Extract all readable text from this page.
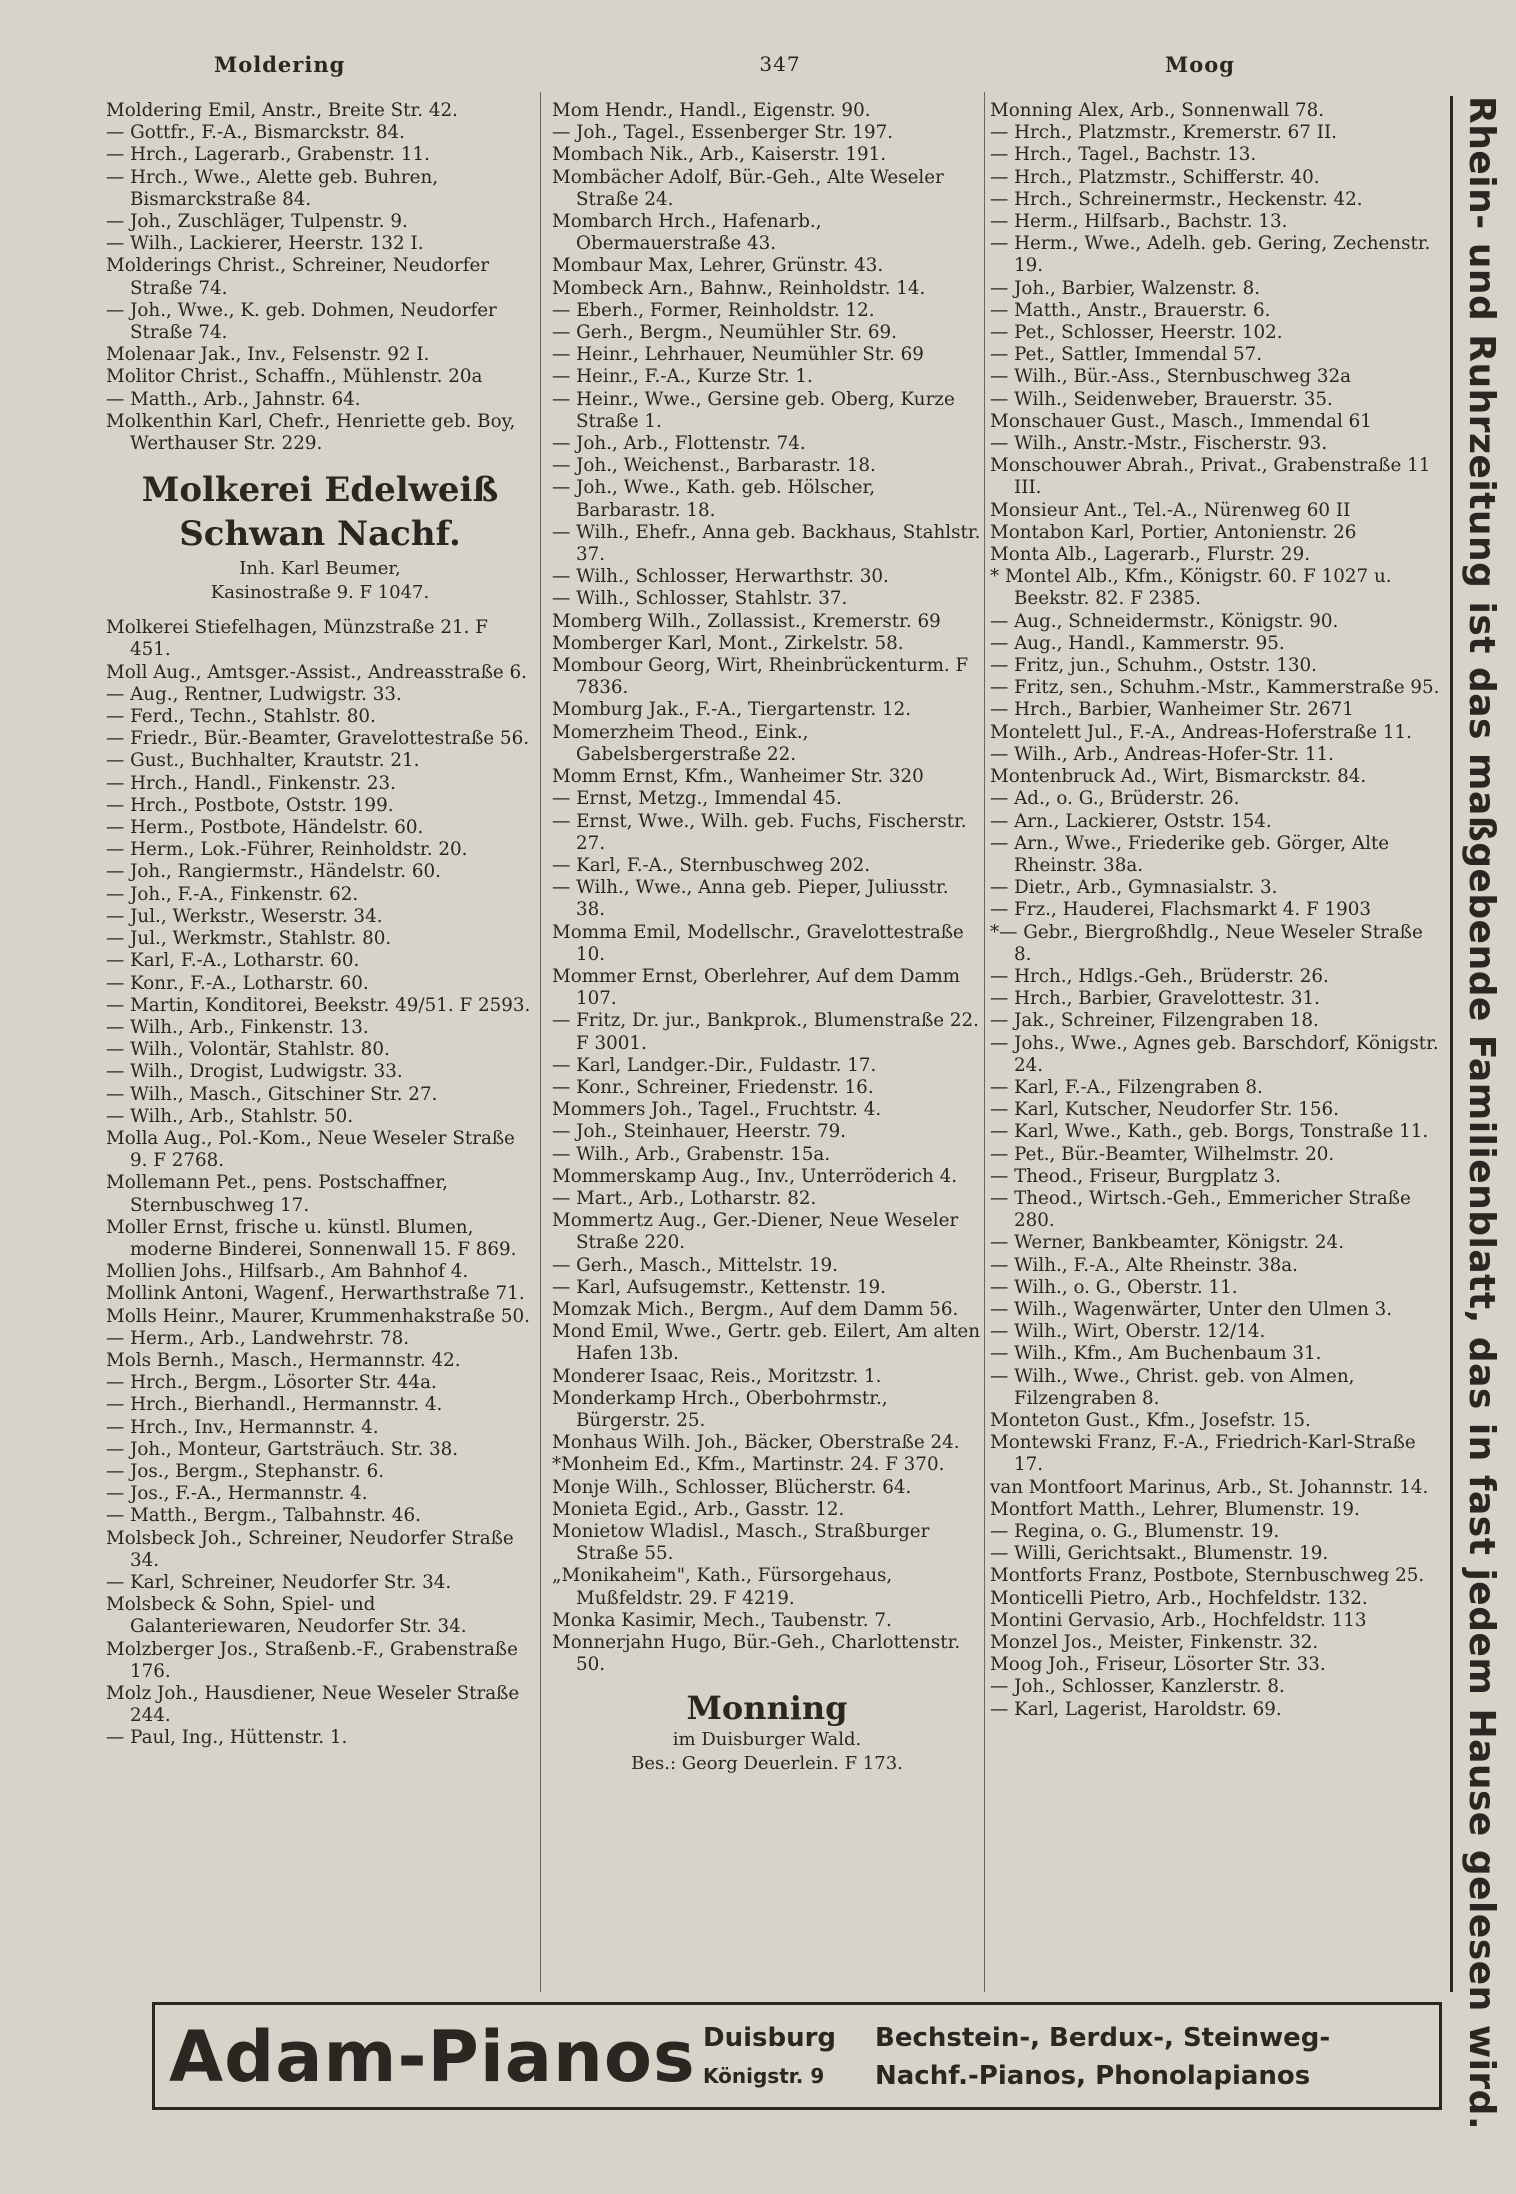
Moldering	347	Moog
Moldering Emil, Anstr., Breite Str. 42.
— Gottfr., F.-A., Bismarckstr. 84.
— Hrch., Lagerarb., Grabenstr. 11.
— Hrch., Wwe., Alette geb. Buhren, Bismarckstraße 84.
— Joh., Zuschläger, Tulpenstr. 9.
— Wilh., Lackierer, Heerstr. 132 I.
Molderings Christ., Schreiner, Neudorfer Straße 74.
— Joh., Wwe., K. geb. Dohmen, Neudorfer Straße 74.
Molenaar Jak., Inv., Felsenstr. 92 I.
Molitor Christ., Schaffn., Mühlenstr. 20a
— Matth., Arb., Jahnstr. 64.
Molkenthin Karl, Chefr., Henriette geb. Boy, Werthauser Str. 229.
Molkerei Edelweiß
Schwan Nachf.
Inh. Karl Beumer,
Kasinostraße 9. F 1047.
Molkerei Stiefelhagen, Münzstraße 21. F 451.
Moll Aug., Amtsger.-Assist., Andreasstraße 6.
— Aug., Rentner, Ludwigstr. 33.
— Ferd., Techn., Stahlstr. 80.
— Friedr., Bür.-Beamter, Gravelottestraße 56.
— Gust., Buchhalter, Krautstr. 21.
— Hrch., Handl., Finkenstr. 23.
— Hrch., Postbote, Oststr. 199.
— Herm., Postbote, Händelstr. 60.
— Herm., Lok.-Führer, Reinholdstr. 20.
— Joh., Rangiermstr., Händelstr. 60.
— Joh., F.-A., Finkenstr. 62.
— Jul., Werkstr., Weserstr. 34.
— Jul., Werkmstr., Stahlstr. 80.
— Karl, F.-A., Lotharstr. 60.
— Konr., F.-A., Lotharstr. 60.
— Martin, Konditorei, Beekstr. 49/51. F 2593.
— Wilh., Arb., Finkenstr. 13.
— Wilh., Volontär, Stahlstr. 80.
— Wilh., Drogist, Ludwigstr. 33.
— Wilh., Masch., Gitschiner Str. 27.
— Wilh., Arb., Stahlstr. 50.
Molla Aug., Pol.-Kom., Neue Weseler Straße 9. F 2768.
Mollemann Pet., pens. Postschaffner, Sternbuschweg 17.
Moller Ernst, frische u. künstl. Blumen, moderne Binderei, Sonnenwall 15. F 869.
Mollien Johs., Hilfsarb., Am Bahnhof 4.
Mollink Antoni, Wagenf., Herwarthstraße 71.
Molls Heinr., Maurer, Krummenhakstraße 50.
— Herm., Arb., Landwehrstr. 78.
Mols Bernh., Masch., Hermannstr. 42.
— Hrch., Bergm., Lösorter Str. 44a.
— Hrch., Bierhandl., Hermannstr. 4.
— Hrch., Inv., Hermannstr. 4.
— Joh., Monteur, Gartsträuch. Str. 38.
— Jos., Bergm., Stephanstr. 6.
— Jos., F.-A., Hermannstr. 4.
— Matth., Bergm., Talbahnstr. 46.
Molsbeck Joh., Schreiner, Neudorfer Straße 34.
— Karl, Schreiner, Neudorfer Str. 34.
Molsbeck & Sohn, Spiel- und Galanteriewaren, Neudorfer Str. 34.
Molzberger Jos., Straßenb.-F., Grabenstraße 176.
Molz Joh., Hausdiener, Neue Weseler Straße 244.
— Paul, Ing., Hüttenstr. 1.
Mom Hendr., Handl., Eigenstr. 90.
— Joh., Tagel., Essenberger Str. 197.
Mombach Nik., Arb., Kaiserstr. 191.
Mombächer Adolf, Bür.-Geh., Alte Weseler Straße 24.
Mombarch Hrch., Hafenarb., Obermauerstraße 43.
Mombaur Max, Lehrer, Grünstr. 43.
Mombeck Arn., Bahnw., Reinholdstr. 14.
— Eberh., Former, Reinholdstr. 12.
— Gerh., Bergm., Neumühler Str. 69.
— Heinr., Lehrhauer, Neumühler Str. 69
— Heinr., F.-A., Kurze Str. 1.
— Heinr., Wwe., Gersine geb. Oberg, Kurze Straße 1.
— Joh., Arb., Flottenstr. 74.
— Joh., Weichenst., Barbarastr. 18.
— Joh., Wwe., Kath. geb. Hölscher, Barbarastr. 18.
— Wilh., Ehefr., Anna geb. Backhaus, Stahlstr. 37.
— Wilh., Schlosser, Herwarthstr. 30.
— Wilh., Schlosser, Stahlstr. 37.
Momberg Wilh., Zollassist., Kremerstr. 69
Momberger Karl, Mont., Zirkelstr. 58.
Mombour Georg, Wirt, Rheinbrückenturm. F 7836.
Momburg Jak., F.-A., Tiergartenstr. 12.
Momerzheim Theod., Eink., Gabelsbergerstraße 22.
Momm Ernst, Kfm., Wanheimer Str. 320
— Ernst, Metzg., Immendal 45.
— Ernst, Wwe., Wilh. geb. Fuchs, Fischerstr. 27.
— Karl, F.-A., Sternbuschweg 202.
— Wilh., Wwe., Anna geb. Pieper, Juliusstr. 38.
Momma Emil, Modellschr., Gravelottestraße 10.
Mommer Ernst, Oberlehrer, Auf dem Damm 107.
— Fritz, Dr. jur., Bankprok., Blumenstraße 22. F 3001.
— Karl, Landger.-Dir., Fuldastr. 17.
— Konr., Schreiner, Friedenstr. 16.
Mommers Joh., Tagel., Fruchtstr. 4.
— Joh., Steinhauer, Heerstr. 79.
— Wilh., Arb., Grabenstr. 15a.
Mommerskamp Aug., Inv., Unterröderich 4.
— Mart., Arb., Lotharstr. 82.
Mommertz Aug., Ger.-Diener, Neue Weseler Straße 220.
— Gerh., Masch., Mittelstr. 19.
— Karl, Aufsugemstr., Kettenstr. 19.
Momzak Mich., Bergm., Auf dem Damm 56.
Mond Emil, Wwe., Gertr. geb. Eilert, Am alten Hafen 13b.
Monderer Isaac, Reis., Moritzstr. 1.
Monderkamp Hrch., Oberbohrmstr., Bürgerstr. 25.
Monhaus Wilh. Joh., Bäcker, Oberstraße 24.
*Monheim Ed., Kfm., Martinstr. 24. F 370.
Monje Wilh., Schlosser, Blücherstr. 64.
Monieta Egid., Arb., Gasstr. 12.
Monietow Wladisl., Masch., Straßburger Straße 55.
„Monikaheim", Kath., Fürsorgehaus, Mußfeldstr. 29. F 4219.
Monka Kasimir, Mech., Taubenstr. 7.
Monnerjahn Hugo, Bür.-Geh., Charlottenstr. 50.
Monning
im Duisburger Wald.
Bes.: Georg Deuerlein. F 173.
Monning Alex, Arb., Sonnenwall 78.
— Hrch., Platzmstr., Kremerstr. 67 II.
— Hrch., Tagel., Bachstr. 13.
— Hrch., Platzmstr., Schifferstr. 40.
— Hrch., Schreinermstr., Heckenstr. 42.
— Herm., Hilfsarb., Bachstr. 13.
— Herm., Wwe., Adelh. geb. Gering, Zechenstr. 19.
— Joh., Barbier, Walzenstr. 8.
— Matth., Anstr., Brauerstr. 6.
— Pet., Schlosser, Heerstr. 102.
— Pet., Sattler, Immendal 57.
— Wilh., Bür.-Ass., Sternbuschweg 32a
— Wilh., Seidenweber, Brauerstr. 35.
Monschauer Gust., Masch., Immendal 61
— Wilh., Anstr.-Mstr., Fischerstr. 93.
Monschouwer Abrah., Privat., Grabenstraße 11 III.
Monsieur Ant., Tel.-A., Nürenweg 60 II
Montabon Karl, Portier, Antonienstr. 26
Monta Alb., Lagerarb., Flurstr. 29.
* Montel Alb., Kfm., Königstr. 60. F 1027 u. Beekstr. 82. F 2385.
— Aug., Schneidermstr., Königstr. 90.
— Aug., Handl., Kammerstr. 95.
— Fritz, jun., Schuhm., Oststr. 130.
— Fritz, sen., Schuhm.-Mstr., Kammerstraße 95.
— Hrch., Barbier, Wanheimer Str. 2671
Montelett Jul., F.-A., Andreas-Hoferstraße 11.
— Wilh., Arb., Andreas-Hofer-Str. 11.
Montenbruck Ad., Wirt, Bismarckstr. 84.
— Ad., o. G., Brüderstr. 26.
— Arn., Lackierer, Oststr. 154.
— Arn., Wwe., Friederike geb. Görger, Alte Rheinstr. 38a.
— Dietr., Arb., Gymnasialstr. 3.
— Frz., Hauderei, Flachsmarkt 4. F 1903
*— Gebr., Biergroßhdlg., Neue Weseler Straße 8.
— Hrch., Hdlgs.-Geh., Brüderstr. 26.
— Hrch., Barbier, Gravelottestr. 31.
— Jak., Schreiner, Filzengraben 18.
— Johs., Wwe., Agnes geb. Barschdorf, Königstr. 24.
— Karl, F.-A., Filzengraben 8.
— Karl, Kutscher, Neudorfer Str. 156.
— Karl, Wwe., Kath., geb. Borgs, Tonstraße 11.
— Pet., Bür.-Beamter, Wilhelmstr. 20.
— Theod., Friseur, Burgplatz 3.
— Theod., Wirtsch.-Geh., Emmericher Straße 280.
— Werner, Bankbeamter, Königstr. 24.
— Wilh., F.-A., Alte Rheinstr. 38a.
— Wilh., o. G., Oberstr. 11.
— Wilh., Wagenwärter, Unter den Ulmen 3.
— Wilh., Wirt, Oberstr. 12/14.
— Wilh., Kfm., Am Buchenbaum 31.
— Wilh., Wwe., Christ. geb. von Almen, Filzengraben 8.
Monteton Gust., Kfm., Josefstr. 15.
Montewski Franz, F.-A., Friedrich-Karl-Straße 17.
van Montfoort Marinus, Arb., St. Johannstr. 14.
Montfort Matth., Lehrer, Blumenstr. 19.
— Regina, o. G., Blumenstr. 19.
— Willi, Gerichtsakt., Blumenstr. 19.
Montforts Franz, Postbote, Sternbuschweg 25.
Monticelli Pietro, Arb., Hochfeldstr. 132.
Montini Gervasio, Arb., Hochfeldstr. 113
Monzel Jos., Meister, Finkenstr. 32.
Moog Joh., Friseur, Lösorter Str. 33.
— Joh., Schlosser, Kanzlerstr. 8.
— Karl, Lagerist, Haroldstr. 69.	Rhein- und Ruhrzeitung ist das maßgebende Familienblatt, das in fast jedem Hause gelesen wird.
Adam-Pianos Duisburg
Königstr. 9
Bechstein-, Berdux-, Steinweg-
Nachf.-Pianos, Phonolapianos
